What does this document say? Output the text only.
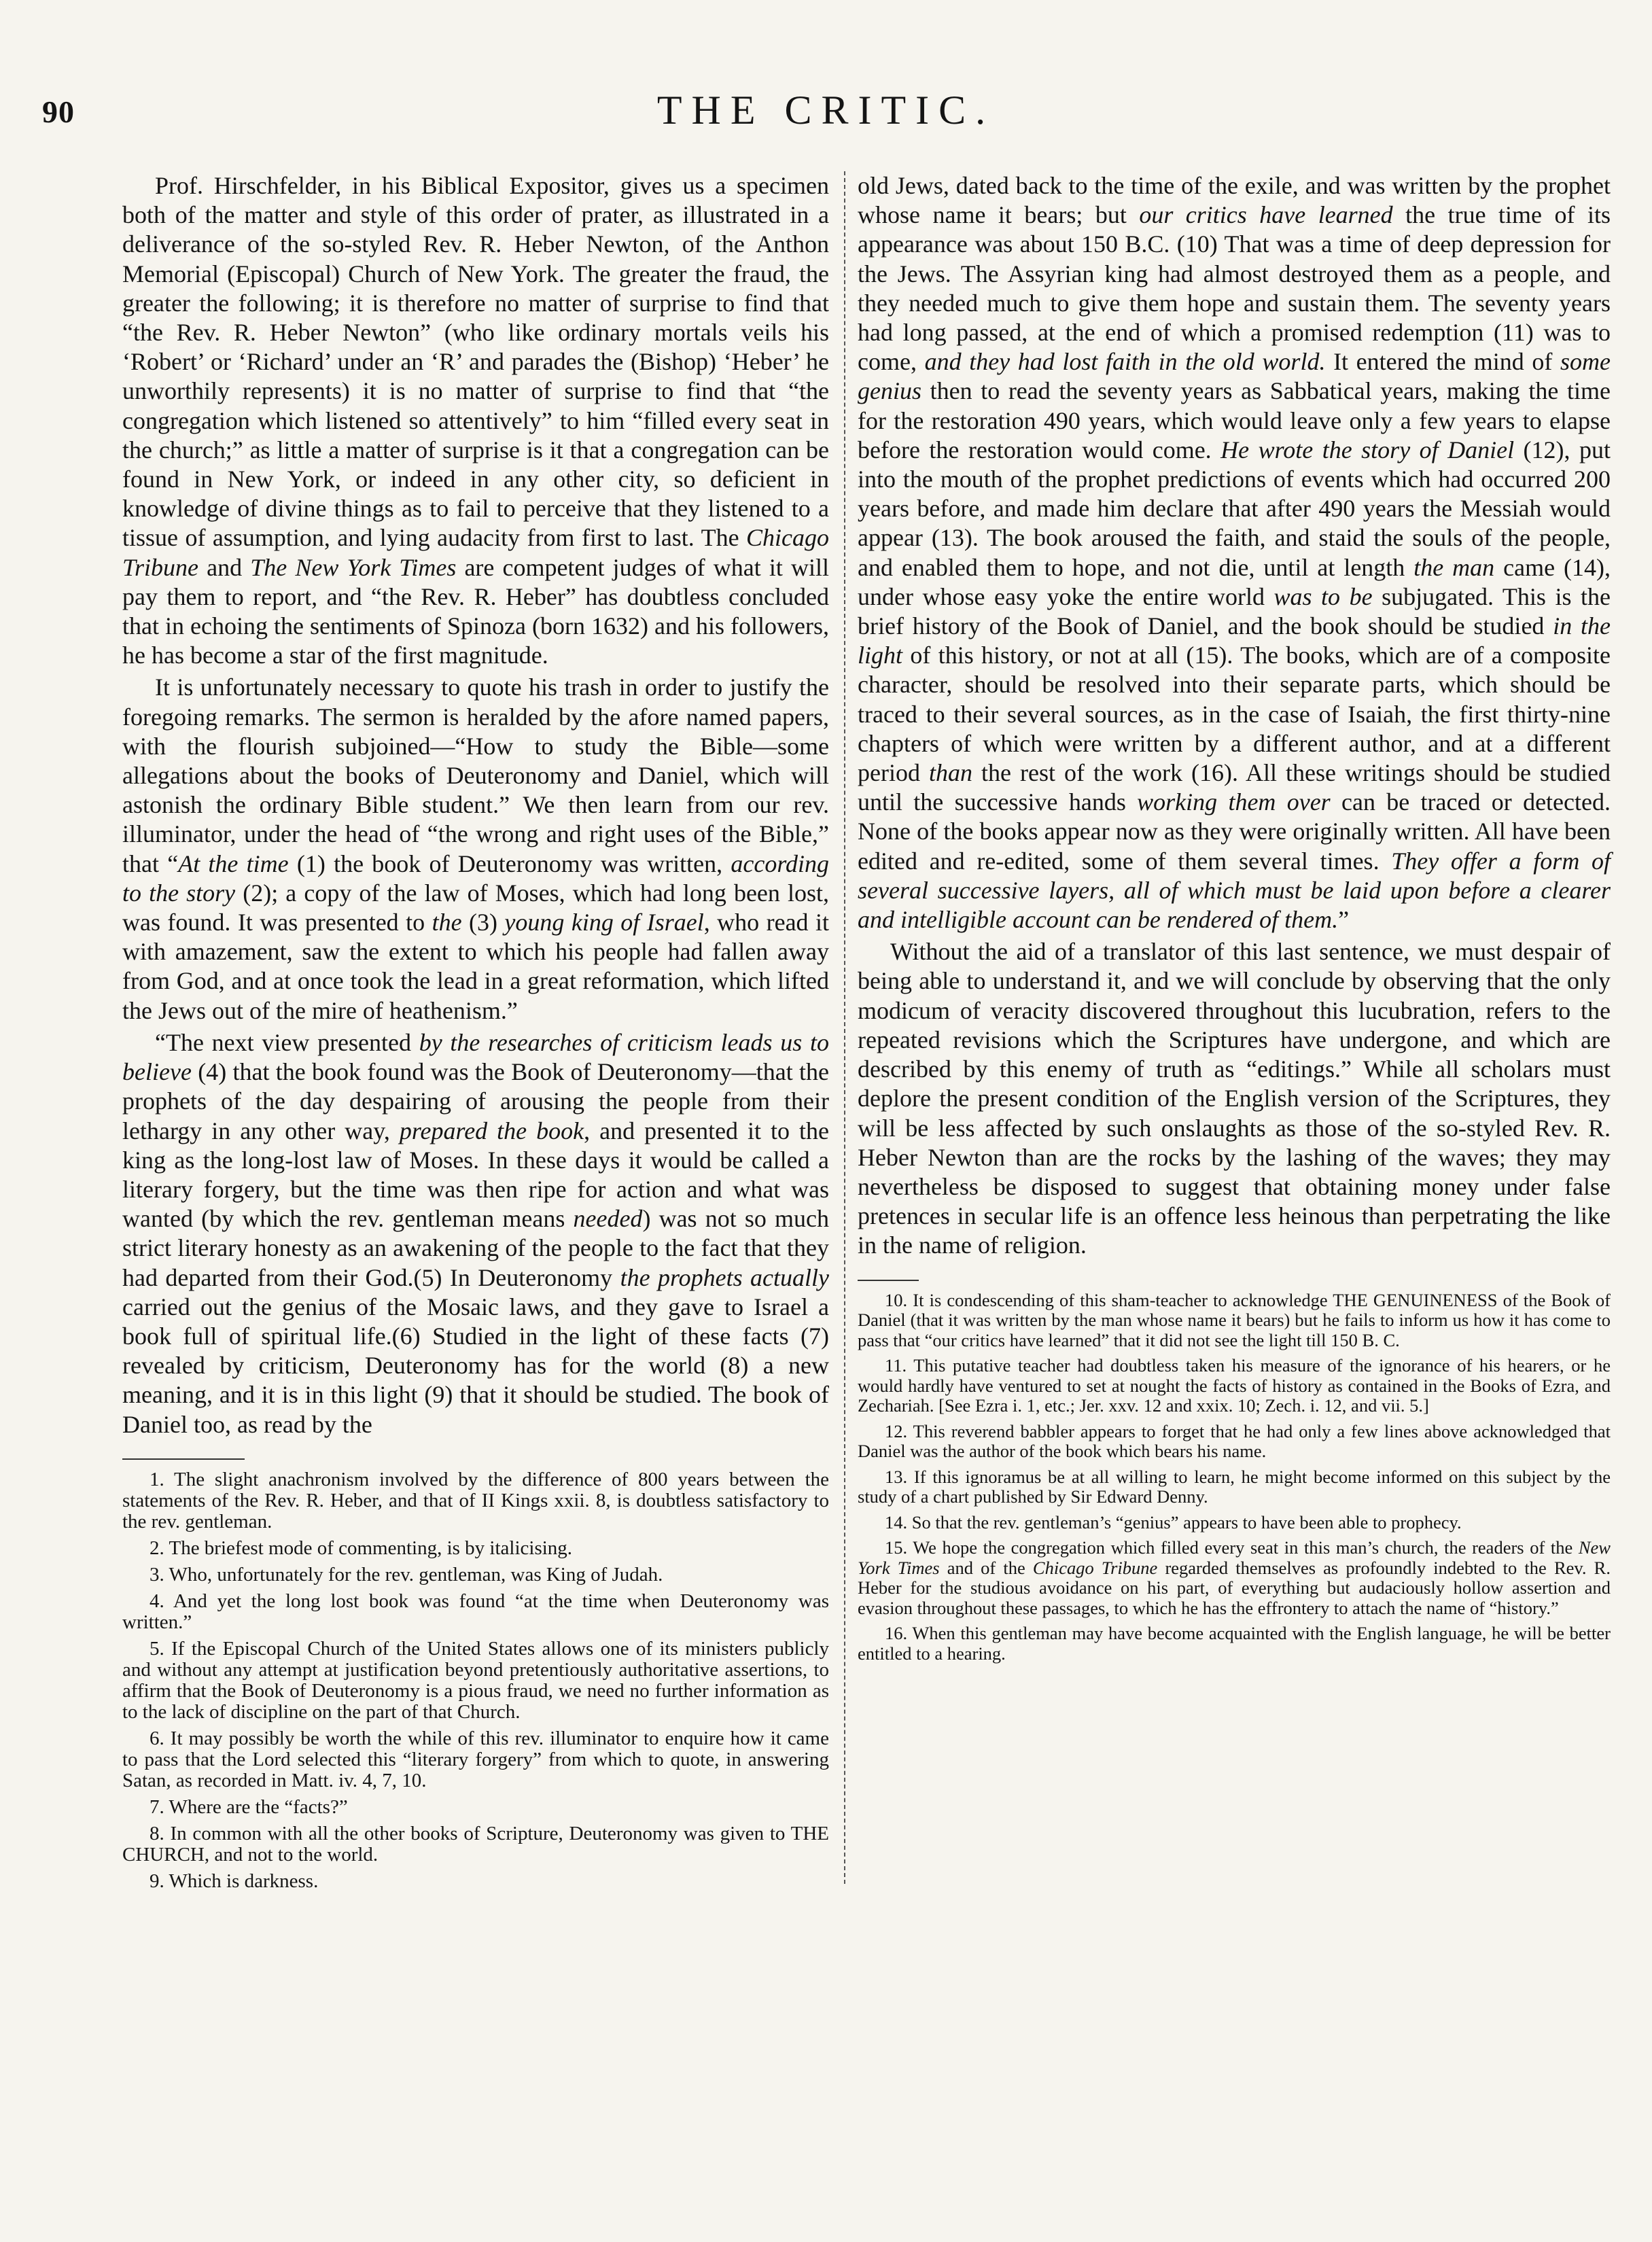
90	THE CRITIC.

Prof. Hirschfelder, in his Biblical Expositor, gives us a specimen both of the matter and style of this order of prater, as illustrated in a deliverance of the so-styled Rev. R. Heber Newton, of the Anthon Memorial (Episcopal) Church of New York. The greater the fraud, the greater the following; it is therefore no matter of surprise to find that “the Rev. R. Heber Newton” (who like ordinary mortals veils his ‘Robert’ or ‘Richard’ under an ‘R’ and parades the (Bishop) ‘Heber’ he unworthily represents) it is no matter of surprise to find that “the congregation which listened so attentively” to him “filled every seat in the church;” as little a matter of surprise is it that a congregation can be found in New York, or indeed in any other city, so deficient in knowledge of divine things as to fail to perceive that they listened to a tissue of assumption, and lying audacity from first to last. The Chicago Tribune and The New York Times are competent judges of what it will pay them to report, and “the Rev. R. Heber” has doubtless concluded that in echoing the sentiments of Spinoza (born 1632) and his followers, he has become a star of the first magnitude.

It is unfortunately necessary to quote his trash in order to justify the foregoing remarks. The sermon is heralded by the afore named papers, with the flourish subjoined—“How to study the Bible—some allegations about the books of Deuteronomy and Daniel, which will astonish the ordinary Bible student.” We then learn from our rev. illuminator, under the head of “the wrong and right uses of the Bible,” that “At the time (1) the book of Deuteronomy was written, according to the story (2); a copy of the law of Moses, which had long been lost, was found. It was presented to the (3) young king of Israel, who read it with amazement, saw the extent to which his people had fallen away from God, and at once took the lead in a great reformation, which lifted the Jews out of the mire of heathenism.”

“The next view presented by the researches of criticism leads us to believe (4) that the book found was the Book of Deuteronomy—that the prophets of the day despairing of arousing the people from their lethargy in any other way, prepared the book, and presented it to the king as the long-lost law of Moses. In these days it would be called a literary forgery, but the time was then ripe for action and what was wanted (by which the rev. gentleman means needed) was not so much strict literary honesty as an awakening of the people to the fact that they had departed from their God.(5) In Deuteronomy the prophets actually carried out the genius of the Mosaic laws, and they gave to Israel a book full of spiritual life.(6) Studied in the light of these facts (7) revealed by criticism, Deuteronomy has for the world (8) a new meaning, and it is in this light (9) that it should be studied. The book of Daniel too, as read by the

1. The slight anachronism involved by the difference of 800 years between the statements of the Rev. R. Heber, and that of II Kings xxii. 8, is doubtless satisfactory to the rev. gentleman.

2. The briefest mode of commenting, is by italicising.

3. Who, unfortunately for the rev. gentleman, was King of Judah.

4. And yet the long lost book was found “at the time when Deuteronomy was written.”

5. If the Episcopal Church of the United States allows one of its ministers publicly and without any attempt at justification beyond pretentiously authoritative assertions, to affirm that the Book of Deuteronomy is a pious fraud, we need no further information as to the lack of discipline on the part of that Church.

6. It may possibly be worth the while of this rev. illuminator to enquire how it came to pass that the Lord selected this “literary forgery” from which to quote, in answering Satan, as recorded in Matt. iv. 4, 7, 10.

7. Where are the “facts?”

8. In common with all the other books of Scripture, Deuteronomy was given to THE CHURCH, and not to the world.

9. Which is darkness.

old Jews, dated back to the time of the exile, and was written by the prophet whose name it bears; but our critics have learned the true time of its appearance was about 150 B.C. (10) That was a time of deep depression for the Jews. The Assyrian king had almost destroyed them as a people, and they needed much to give them hope and sustain them. The seventy years had long passed, at the end of which a promised redemption (11) was to come, and they had lost faith in the old world. It entered the mind of some genius then to read the seventy years as Sabbatical years, making the time for the restoration 490 years, which would leave only a few years to elapse before the restoration would come. He wrote the story of Daniel (12), put into the mouth of the prophet predictions of events which had occurred 200 years before, and made him declare that after 490 years the Messiah would appear (13). The book aroused the faith, and staid the souls of the people, and enabled them to hope, and not die, until at length the man came (14), under whose easy yoke the entire world was to be subjugated. This is the brief history of the Book of Daniel, and the book should be studied in the light of this history, or not at all (15). The books, which are of a composite character, should be resolved into their separate parts, which should be traced to their several sources, as in the case of Isaiah, the first thirty-nine chapters of which were written by a different author, and at a different period than the rest of the work (16). All these writings should be studied until the successive hands working them over can be traced or detected. None of the books appear now as they were originally written. All have been edited and re-edited, some of them several times. They offer a form of several successive layers, all of which must be laid upon before a clearer and intelligible account can be rendered of them.”

Without the aid of a translator of this last sentence, we must despair of being able to understand it, and we will conclude by observing that the only modicum of veracity discovered throughout this lucubration, refers to the repeated revisions which the Scriptures have undergone, and which are described by this enemy of truth as “editings.” While all scholars must deplore the present condition of the English version of the Scriptures, they will be less affected by such onslaughts as those of the so-styled Rev. R. Heber Newton than are the rocks by the lashing of the waves; they may nevertheless be disposed to suggest that obtaining money under false pretences in secular life is an offence less heinous than perpetrating the like in the name of religion.

10. It is condescending of this sham-teacher to acknowledge THE GENUINENESS of the Book of Daniel (that it was written by the man whose name it bears) but he fails to inform us how it has come to pass that “our critics have learned” that it did not see the light till 150 B. C.

11. This putative teacher had doubtless taken his measure of the ignorance of his hearers, or he would hardly have ventured to set at nought the facts of history as contained in the Books of Ezra, and Zechariah. [See Ezra i. 1, etc.; Jer. xxv. 12 and xxix. 10; Zech. i. 12, and vii. 5.]

12. This reverend babbler appears to forget that he had only a few lines above acknowledged that Daniel was the author of the book which bears his name.

13. If this ignoramus be at all willing to learn, he might become informed on this subject by the study of a chart published by Sir Edward Denny.

14. So that the rev. gentleman’s “genius” appears to have been able to prophecy.

15. We hope the congregation which filled every seat in this man’s church, the readers of the New York Times and of the Chicago Tribune regarded themselves as profoundly indebted to the Rev. R. Heber for the studious avoidance on his part, of everything but audaciously hollow assertion and evasion throughout these passages, to which he has the effrontery to attach the name of “history.”

16. When this gentleman may have become acquainted with the English language, he will be better entitled to a hearing.
